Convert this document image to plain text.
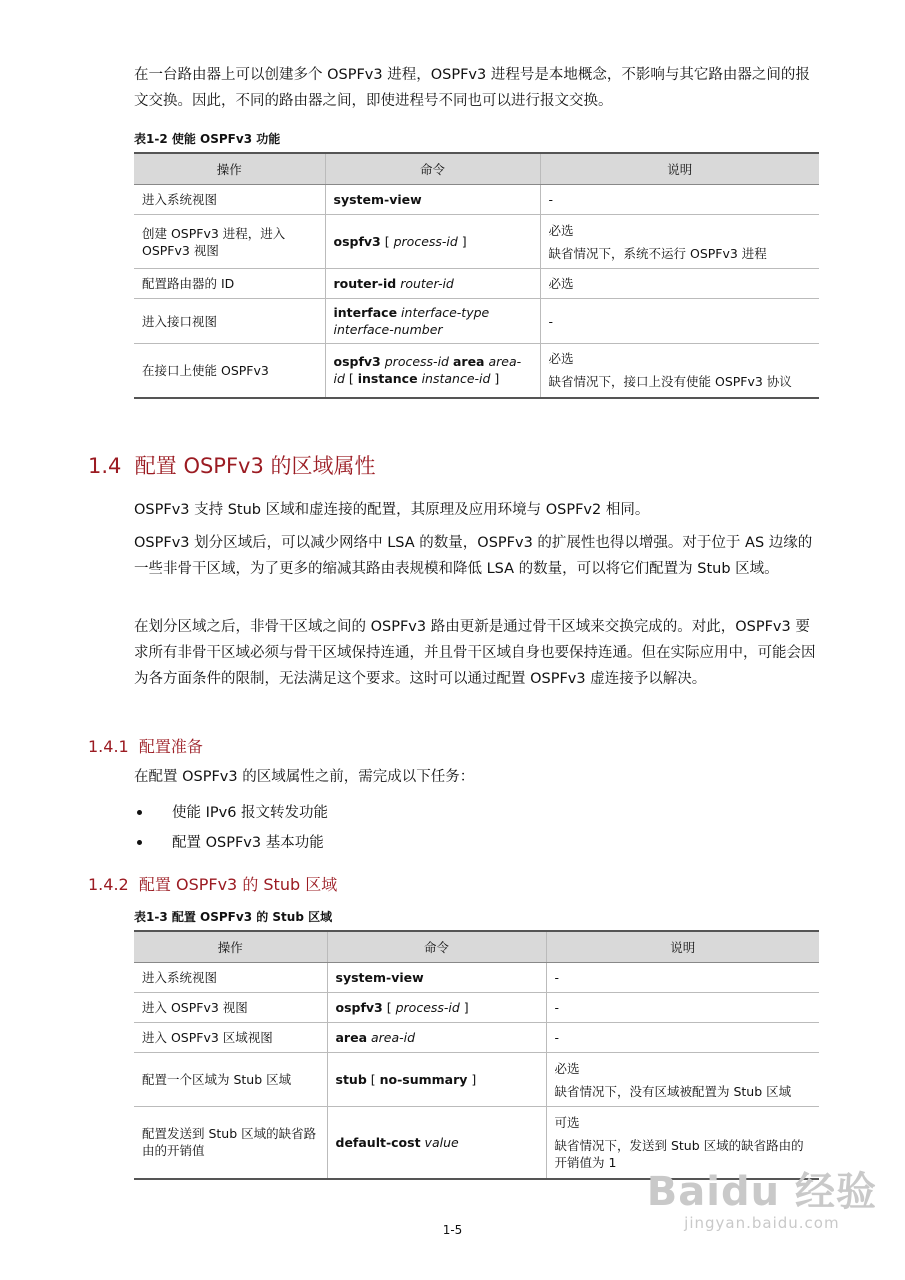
在一台路由器上可以创建多个 OSPFv3 进程，OSPFv3 进程号是本地概念，不影响与其它路由器之间的报文交换。因此，不同的路由器之间，即使进程号不同也可以进行报文交换。

表1-2 使能 OSPFv3 功能
操作	命令	说明
进入系统视图	system-view	-
创建 OSPFv3 进程，进入 OSPFv3 视图	ospfv3 [ process-id ]	必选
缺省情况下，系统不运行 OSPFv3 进程
配置路由器的 ID	router-id router-id	必选
进入接口视图	interface interface-type interface-number	-
在接口上使能 OSPFv3	ospfv3 process-id area area-id [ instance instance-id ]	必选
缺省情况下，接口上没有使能 OSPFv3 协议
1.4 配置 OSPFv3 的区域属性

OSPFv3 支持 Stub 区域和虚连接的配置，其原理及应用环境与 OSPFv2 相同。

OSPFv3 划分区域后，可以减少网络中 LSA 的数量，OSPFv3 的扩展性也得以增强。对于位于 AS 边缘的一些非骨干区域，为了更多的缩减其路由表规模和降低 LSA 的数量，可以将它们配置为 Stub 区域。

在划分区域之后，非骨干区域之间的 OSPFv3 路由更新是通过骨干区域来交换完成的。对此，OSPFv3 要求所有非骨干区域必须与骨干区域保持连通，并且骨干区域自身也要保持连通。但在实际应用中，可能会因为各方面条件的限制，无法满足这个要求。这时可以通过配置 OSPFv3 虚连接予以解决。

1.4.1 配置准备

在配置 OSPFv3 的区域属性之前，需完成以下任务：

使能 IPv6 报文转发功能
配置 OSPFv3 基本功能
1.4.2 配置 OSPFv3 的 Stub 区域
表1-3 配置 OSPFv3 的 Stub 区域
操作	命令	说明
进入系统视图	system-view	-
进入 OSPFv3 视图	ospfv3 [ process-id ]	-
进入 OSPFv3 区域视图	area area-id	-
配置一个区域为 Stub 区域	stub [ no-summary ]	必选
缺省情况下，没有区域被配置为 Stub 区域
配置发送到 Stub 区域的缺省路由的开销值	default-cost value	可选
缺省情况下，发送到 Stub 区域的缺省路由的开销值为 1
1-5
Baidu 经验
jingyan.baidu.com
